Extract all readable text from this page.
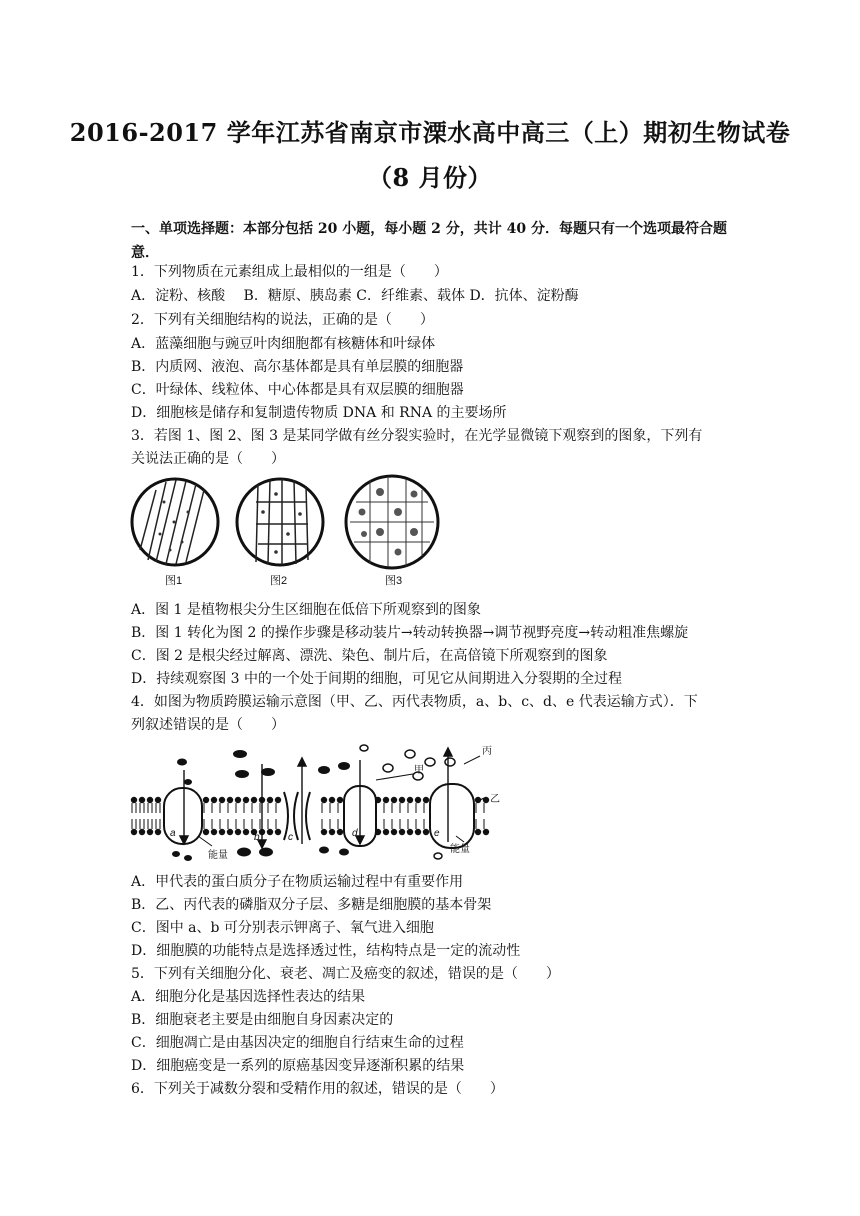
2016-2017 学年江苏省南京市溧水高中高三（上）期初生物试卷
（8 月份）
一、单项选择题：本部分包括 20 小题，每小题 2 分，共计 40 分．每题只有一个选项最符合题意．
1．下列物质在元素组成上最相似的一组是（　　）
A．淀粉、核酸　 B．糖原、胰岛素 C．纤维素、载体 D．抗体、淀粉酶
2．下列有关细胞结构的说法，正确的是（　　）
A．蓝藻细胞与豌豆叶肉细胞都有核糖体和叶绿体
B．内质网、液泡、高尔基体都是具有单层膜的细胞器
C．叶绿体、线粒体、中心体都是具有双层膜的细胞器
D．细胞核是储存和复制遗传物质 DNA 和 RNA 的主要场所
3．若图 1、图 2、图 3 是某同学做有丝分裂实验时，在光学显微镜下观察到的图象，下列有
关说法正确的是（　　）
图1	图2	图3
A．图 1 是植物根尖分生区细胞在低倍下所观察到的图象
B．图 1 转化为图 2 的操作步骤是移动装片→转动转换器→调节视野亮度→转动粗准焦螺旋
C．图 2 是根尖经过解离、漂洗、染色、制片后，在高倍镜下所观察到的图象
D．持续观察图 3 中的一个处于间期的细胞，可见它从间期进入分裂期的全过程
4．如图为物质跨膜运输示意图（甲、乙、丙代表物质，a、b、c、d、e 代表运输方式）．下
列叙述错误的是（　　）
甲
丙
乙
a	b	c	d	e
能量
能量
A．甲代表的蛋白质分子在物质运输过程中有重要作用
B．乙、丙代表的磷脂双分子层、多糖是细胞膜的基本骨架
C．图中 a、b 可分别表示钾离子、氧气进入细胞
D．细胞膜的功能特点是选择透过性，结构特点是一定的流动性
5．下列有关细胞分化、衰老、凋亡及癌变的叙述，错误的是（　　）
A．细胞分化是基因选择性表达的结果
B．细胞衰老主要是由细胞自身因素决定的
C．细胞凋亡是由基因决定的细胞自行结束生命的过程
D．细胞癌变是一系列的原癌基因变异逐渐积累的结果
6．下列关于减数分裂和受精作用的叙述，错误的是（　　）
